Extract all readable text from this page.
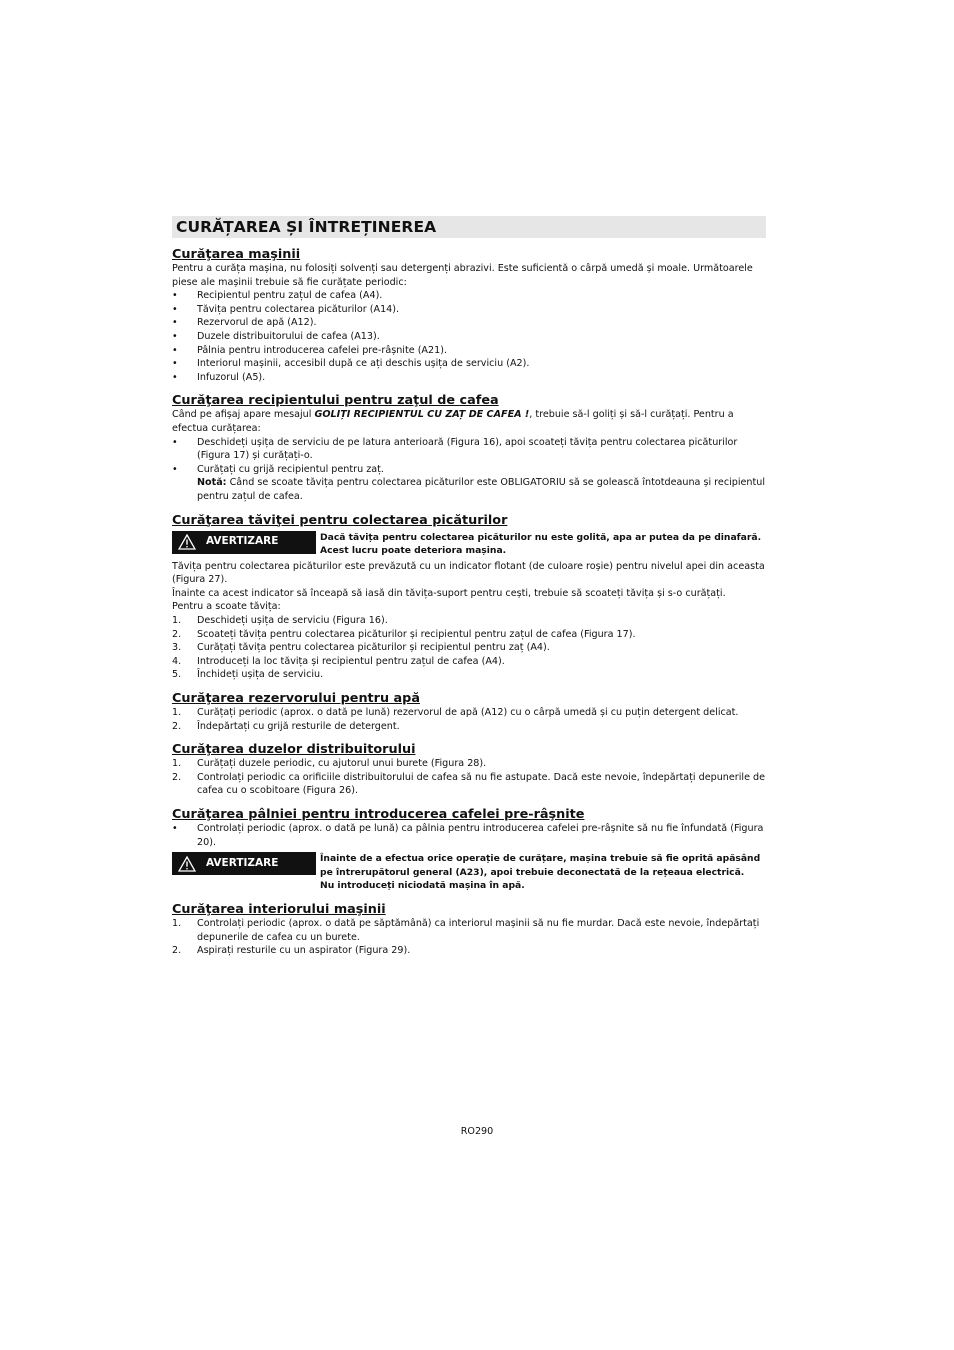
CURĂȚAREA ȘI ÎNTREȚINEREA
Curăţarea maşinii

Pentru a curăța mașina, nu folosiți solvenți sau detergenți abrazivi. Este suficientă o cârpă umedă și moale. Următoarele piese ale mașinii trebuie să fie curățate periodic:

• Recipientul pentru zațul de cafea (A4).
• Tăvița pentru colectarea picăturilor (A14).
• Rezervorul de apă (A12).
• Duzele distribuitorului de cafea (A13).
• Pâlnia pentru introducerea cafelei pre-râșnite (A21).
• Interiorul mașinii, accesibil după ce ați deschis ușița de serviciu (A2).
• Infuzorul (A5).
Curăţarea recipientului pentru zaţul de cafea

Când pe afișaj apare mesajul GOLIȚI RECIPIENTUL CU ZAȚ DE CAFEA !, trebuie să-l goliți și să-l curățați. Pentru a efectua curățarea:

• Deschideți ușița de serviciu de pe latura anterioară (Figura 16), apoi scoateți tăvița pentru colectarea picăturilor (Figura 17) și curățați-o.
• Curățați cu grijă recipientul pentru zaț.
Notă: Când se scoate tăvița pentru colectarea picăturilor este OBLIGATORIU să se golească întotdeauna și recipientul pentru zațul de cafea.
Curăţarea tăviţei pentru colectarea picăturilor
AVERTIZARE	Dacă tăvița pentru colectarea picăturilor nu este golită, apa ar putea da pe dinafară. Acest lucru poate deteriora mașina.

Tăvița pentru colectarea picăturilor este prevăzută cu un indicator flotant (de culoare roșie) pentru nivelul apei din aceasta (Figura 27).

Înainte ca acest indicator să înceapă să iasă din tăvița-suport pentru cești, trebuie să scoateți tăvița și s-o curățați.

Pentru a scoate tăvița:

1. Deschideți ușița de serviciu (Figura 16).
2. Scoateți tăvița pentru colectarea picăturilor și recipientul pentru zațul de cafea (Figura 17).
3. Curățați tăvița pentru colectarea picăturilor și recipientul pentru zaț (A4).
4. Introduceți la loc tăvița și recipientul pentru zațul de cafea (A4).
5. Închideți ușița de serviciu.
Curăţarea rezervorului pentru apă
1. Curățați periodic (aprox. o dată pe lună) rezervorul de apă (A12) cu o cârpă umedă și cu puțin detergent delicat.
2. Îndepărtați cu grijă resturile de detergent.
Curăţarea duzelor distribuitorului
1. Curățați duzele periodic, cu ajutorul unui burete (Figura 28).
2. Controlați periodic ca orificiile distribuitorului de cafea să nu fie astupate. Dacă este nevoie, îndepărtați depunerile de cafea cu o scobitoare (Figura 26).
Curăţarea pâlniei pentru introducerea cafelei pre-râşnite
• Controlați periodic (aprox. o dată pe lună) ca pâlnia pentru introducerea cafelei pre-râșnite să nu fie înfundată (Figura 20).
AVERTIZARE	Înainte de a efectua orice operație de curățare, mașina trebuie să fie oprită apăsând pe întrerupătorul general (A23), apoi trebuie deconectată de la rețeaua electrică.
Nu introduceți niciodată mașina în apă.
Curăţarea interiorului maşinii
1. Controlați periodic (aprox. o dată pe săptămână) ca interiorul mașinii să nu fie murdar. Dacă este nevoie, îndepărtați depunerile de cafea cu un burete.
2. Aspirați resturile cu un aspirator (Figura 29).
RO290
